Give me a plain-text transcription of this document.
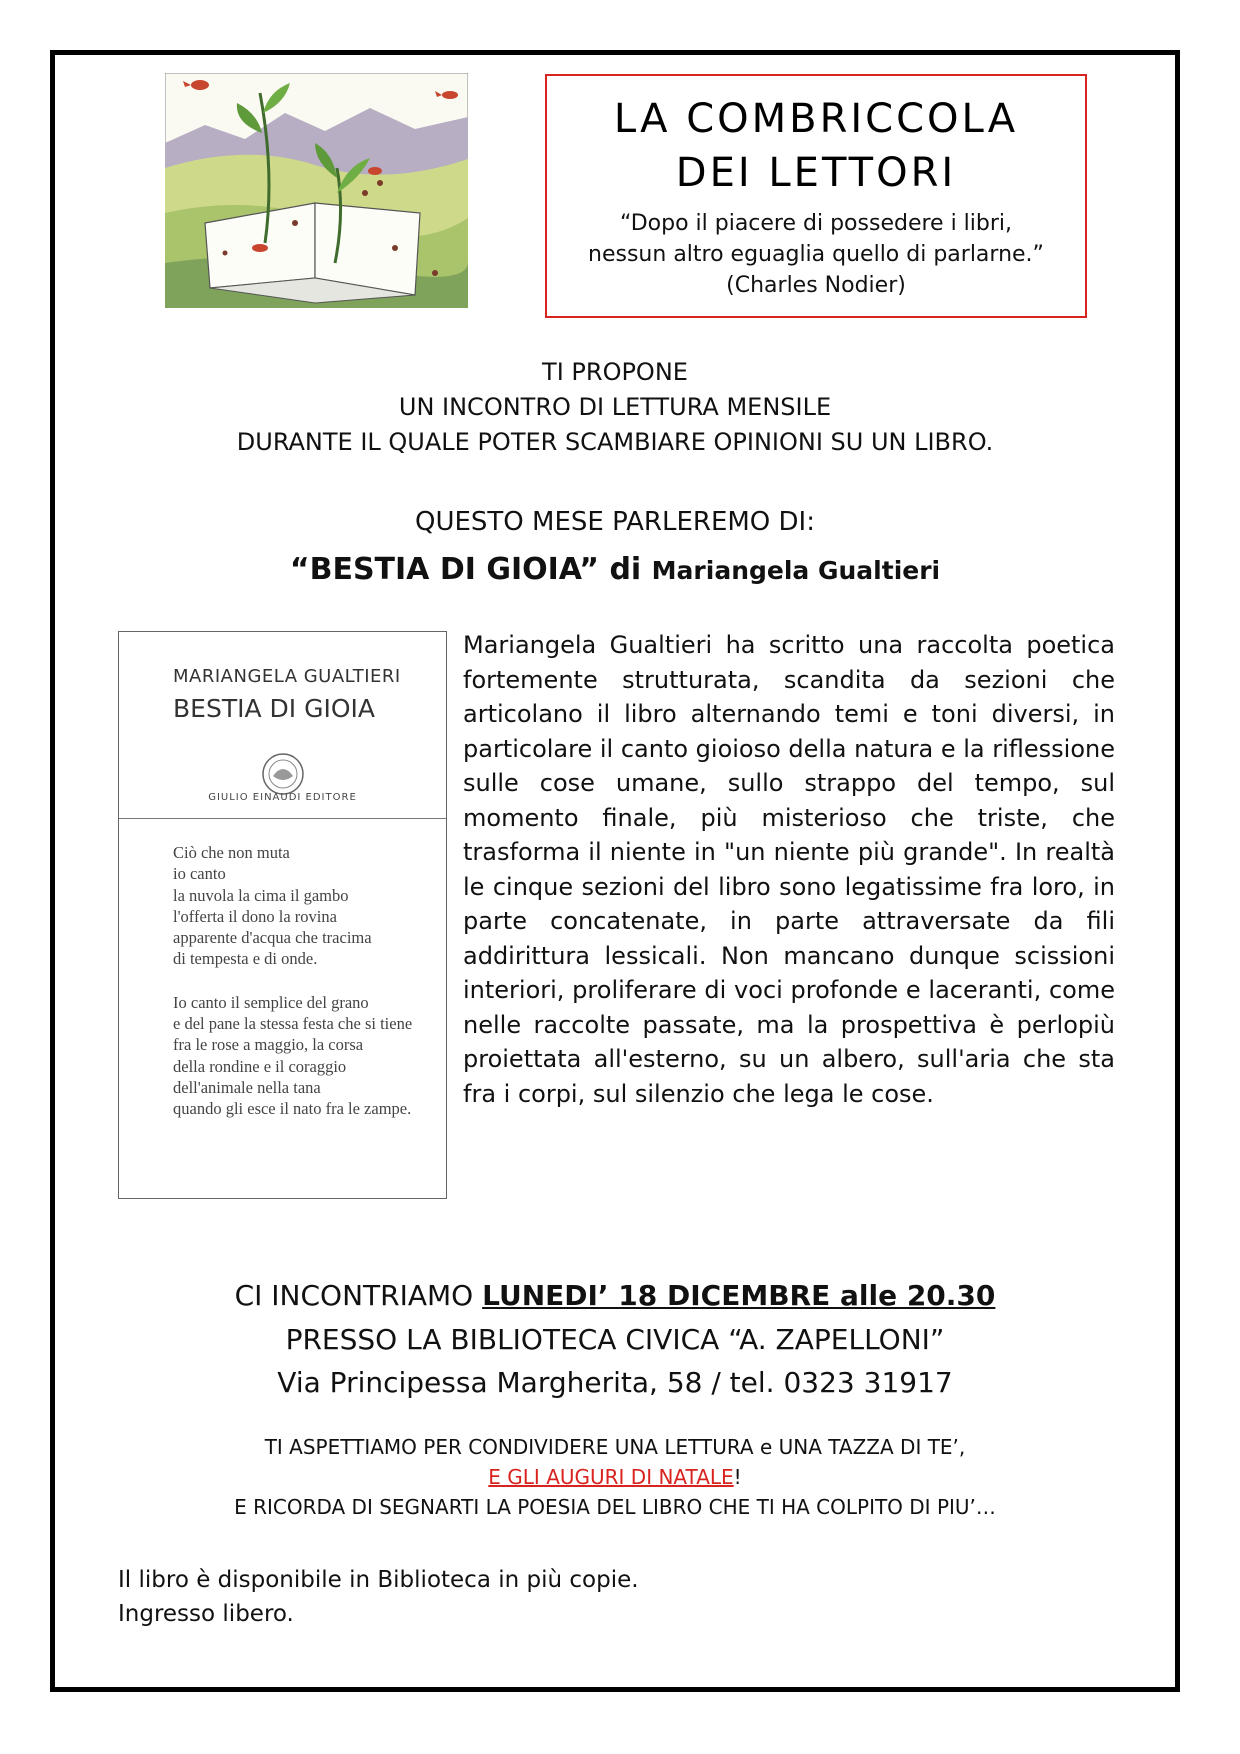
LA COMBRICCOLA
DEI LETTORI
“Dopo il piacere di possedere i libri,
nessun altro eguaglia quello di parlarne.”
(Charles Nodier)
TI PROPONE
UN INCONTRO DI LETTURA MENSILE
DURANTE IL QUALE POTER SCAMBIARE OPINIONI SU UN LIBRO.
QUESTO MESE PARLEREMO DI:
“BESTIA DI GIOIA” di Mariangela Gualtieri
MARIANGELA GUALTIERI
BESTIA DI GIOIA
GIULIO EINAUDI EDITORE

Ciò che non muta

io canto

la nuvola la cima il gambo

l'offerta il dono la rovina

apparente d'acqua che tracima

di tempesta e di onde.

Io canto il semplice del grano

e del pane la stessa festa che si tiene

fra le rose a maggio, la corsa

della rondine e il coraggio

dell'animale nella tana

quando gli esce il nato fra le zampe.

Mariangela Gualtieri ha scritto una raccolta poetica fortemente strutturata, scandita da sezioni che articolano il libro alternando temi e toni diversi, in particolare il canto gioioso della natura e la riflessione sulle cose umane, sullo strappo del tempo, sul momento finale, più misterioso che triste, che trasforma il niente in "un niente più grande". In realtà le cinque sezioni del libro sono legatissime fra loro, in parte concatenate, in parte attraversate da fili addirittura lessicali. Non mancano dunque scissioni interiori, proliferare di voci profonde e laceranti, come nelle raccolte passate, ma la prospettiva è perlopiù proiettata all'esterno, su un albero, sull'aria che sta fra i corpi, sul silenzio che lega le cose.
CI INCONTRIAMO LUNEDI’ 18 DICEMBRE alle 20.30
PRESSO LA BIBLIOTECA CIVICA “A. ZAPELLONI”
Via Principessa Margherita, 58 / tel. 0323 31917
TI ASPETTIAMO PER CONDIVIDERE UNA LETTURA e UNA TAZZA DI TE’,
E GLI AUGURI DI NATALE!
E RICORDA DI SEGNARTI LA POESIA DEL LIBRO CHE TI HA COLPITO DI PIU’…
Il libro è disponibile in Biblioteca in più copie.
Ingresso libero.
